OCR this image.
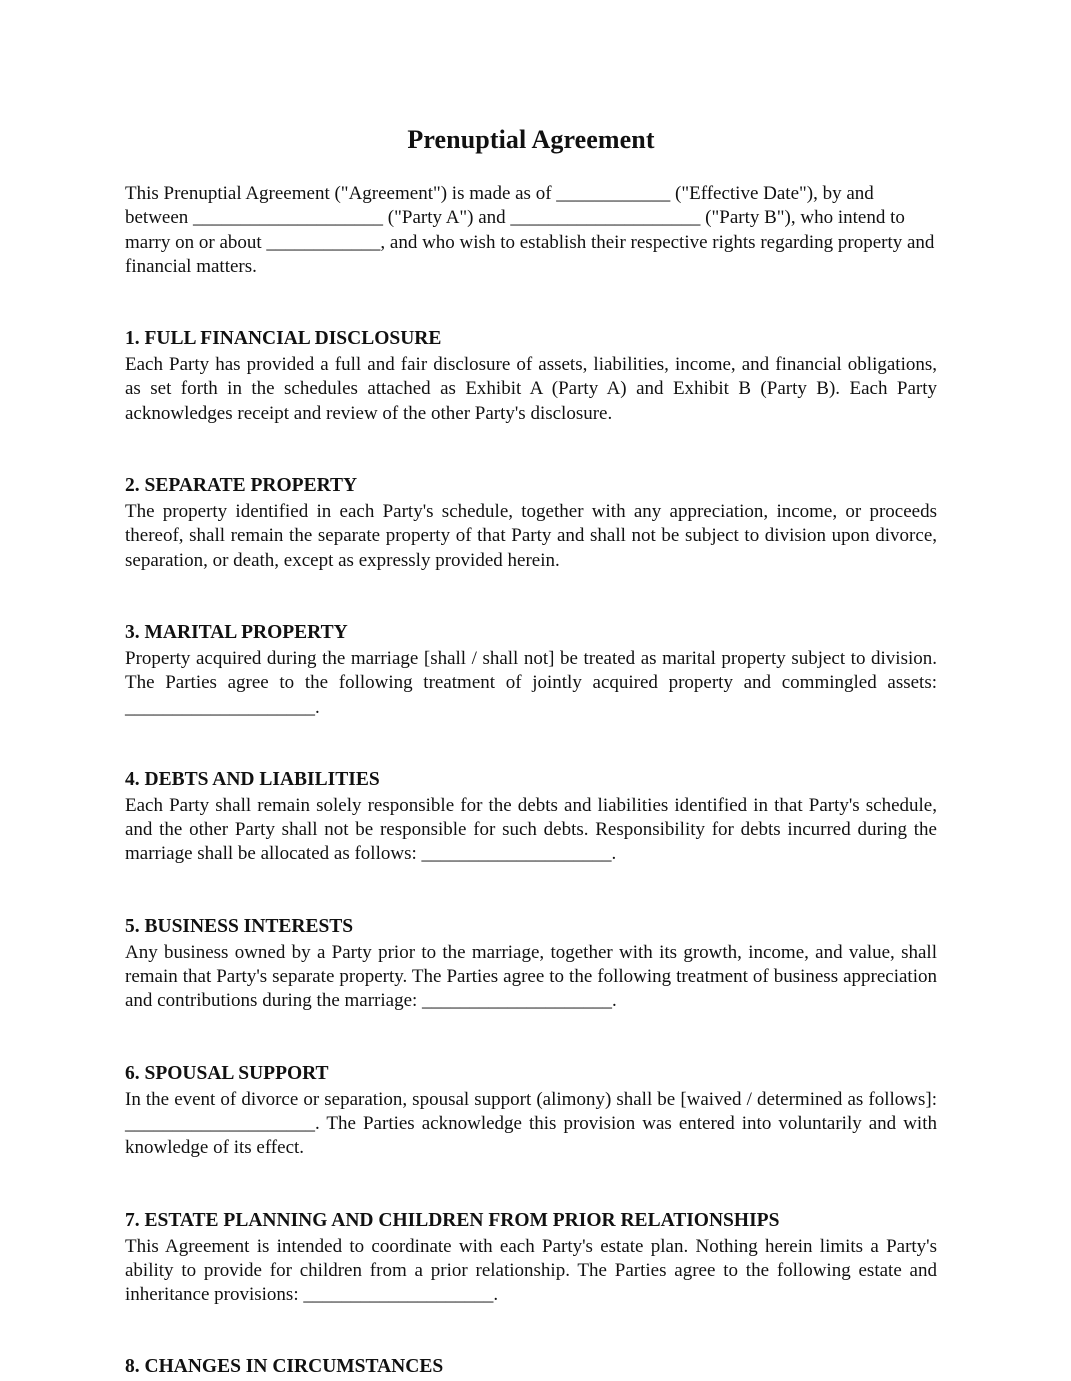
Prenuptial Agreement

This Prenuptial Agreement ("Agreement") is made as of ____________ ("Effective Date"), by and between ____________________ ("Party A") and ____________________ ("Party B"), who intend to marry on or about ____________, and who wish to establish their respective rights regarding property and financial matters.

1. FULL FINANCIAL DISCLOSURE

Each Party has provided a full and fair disclosure of assets, liabilities, income, and financial obligations, as set forth in the schedules attached as Exhibit A (Party A) and Exhibit B (Party B). Each Party acknowledges receipt and review of the other Party's disclosure.

2. SEPARATE PROPERTY

The property identified in each Party's schedule, together with any appreciation, income, or proceeds thereof, shall remain the separate property of that Party and shall not be subject to division upon divorce, separation, or death, except as expressly provided herein.

3. MARITAL PROPERTY

Property acquired during the marriage [shall / shall not] be treated as marital property subject to division. The Parties agree to the following treatment of jointly acquired property and commingled assets: ____________________.

4. DEBTS AND LIABILITIES

Each Party shall remain solely responsible for the debts and liabilities identified in that Party's schedule, and the other Party shall not be responsible for such debts. Responsibility for debts incurred during the marriage shall be allocated as follows: ____________________.

5. BUSINESS INTERESTS

Any business owned by a Party prior to the marriage, together with its growth, income, and value, shall remain that Party's separate property. The Parties agree to the following treatment of business appreciation and contributions during the marriage: ____________________.

6. SPOUSAL SUPPORT

In the event of divorce or separation, spousal support (alimony) shall be [waived / determined as follows]: ____________________. The Parties acknowledge this provision was entered into voluntarily and with knowledge of its effect.

7. ESTATE PLANNING AND CHILDREN FROM PRIOR RELATIONSHIPS

This Agreement is intended to coordinate with each Party's estate plan. Nothing herein limits a Party's ability to provide for children from a prior relationship. The Parties agree to the following estate and inheritance provisions: ____________________.

8. CHANGES IN CIRCUMSTANCES
